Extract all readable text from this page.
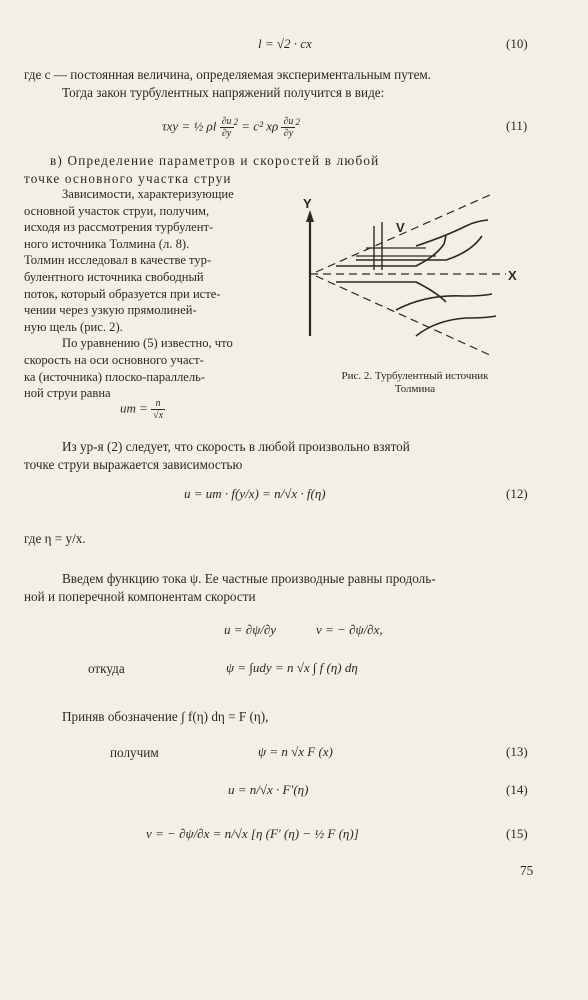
l = √2 · cx	(10)
где c — постоянная величина, определяемая экспериментальным путем.
Тогда закон турбулентных напряжений получится в виде:
τxy = ½ ρl $\frac{\partial u}{\partial y} ^2 = c^2$ xρ $\frac{\partial u}{\partial y} ^2$	(11)
в) Определение параметров и скоростей в любой
точке основного участка струи
Зависимости, характеризующие
основной участок струи, получим,
исходя из рассмотрения турбулент-
ного источника Толмина (л. 8).
Толмин исследовал в качестве тур-
булентного источника свободный
поток, который образуется при исте-
чении через узкую прямолиней-
ную щель (рис. 2).
По уравнению (5) известно, что
скорость на оси основного участ-
ка (источника) плоско-параллель-
ной струи равна
Y
X
V
Рис. 2. Турбулентный источник
Толмина
um = $\frac{n}{√x}$
Из ур-я (2) следует, что скорость в любой произвольно взятой
точке струи выражается зависимостью
u = um · f(y/x) = n/√x · f(η)	(12)
где η = y/x.
Введем функцию тока ψ. Ее частные производные равны продоль-
ной и поперечной компонентам скорости
u = ∂ψ/∂y	v = − ∂ψ/∂x,
откуда	ψ = ∫udy = n √x ∫ f (η) dη
Приняв обозначение ∫ f(η) dη = F (η),
получим	ψ = n √x F (x)	(13)
u = n/√x · F′(η)	(14)
v = − ∂ψ/∂x = n/√x [η (F′ (η) − ½ F (η)]	(15)
75
